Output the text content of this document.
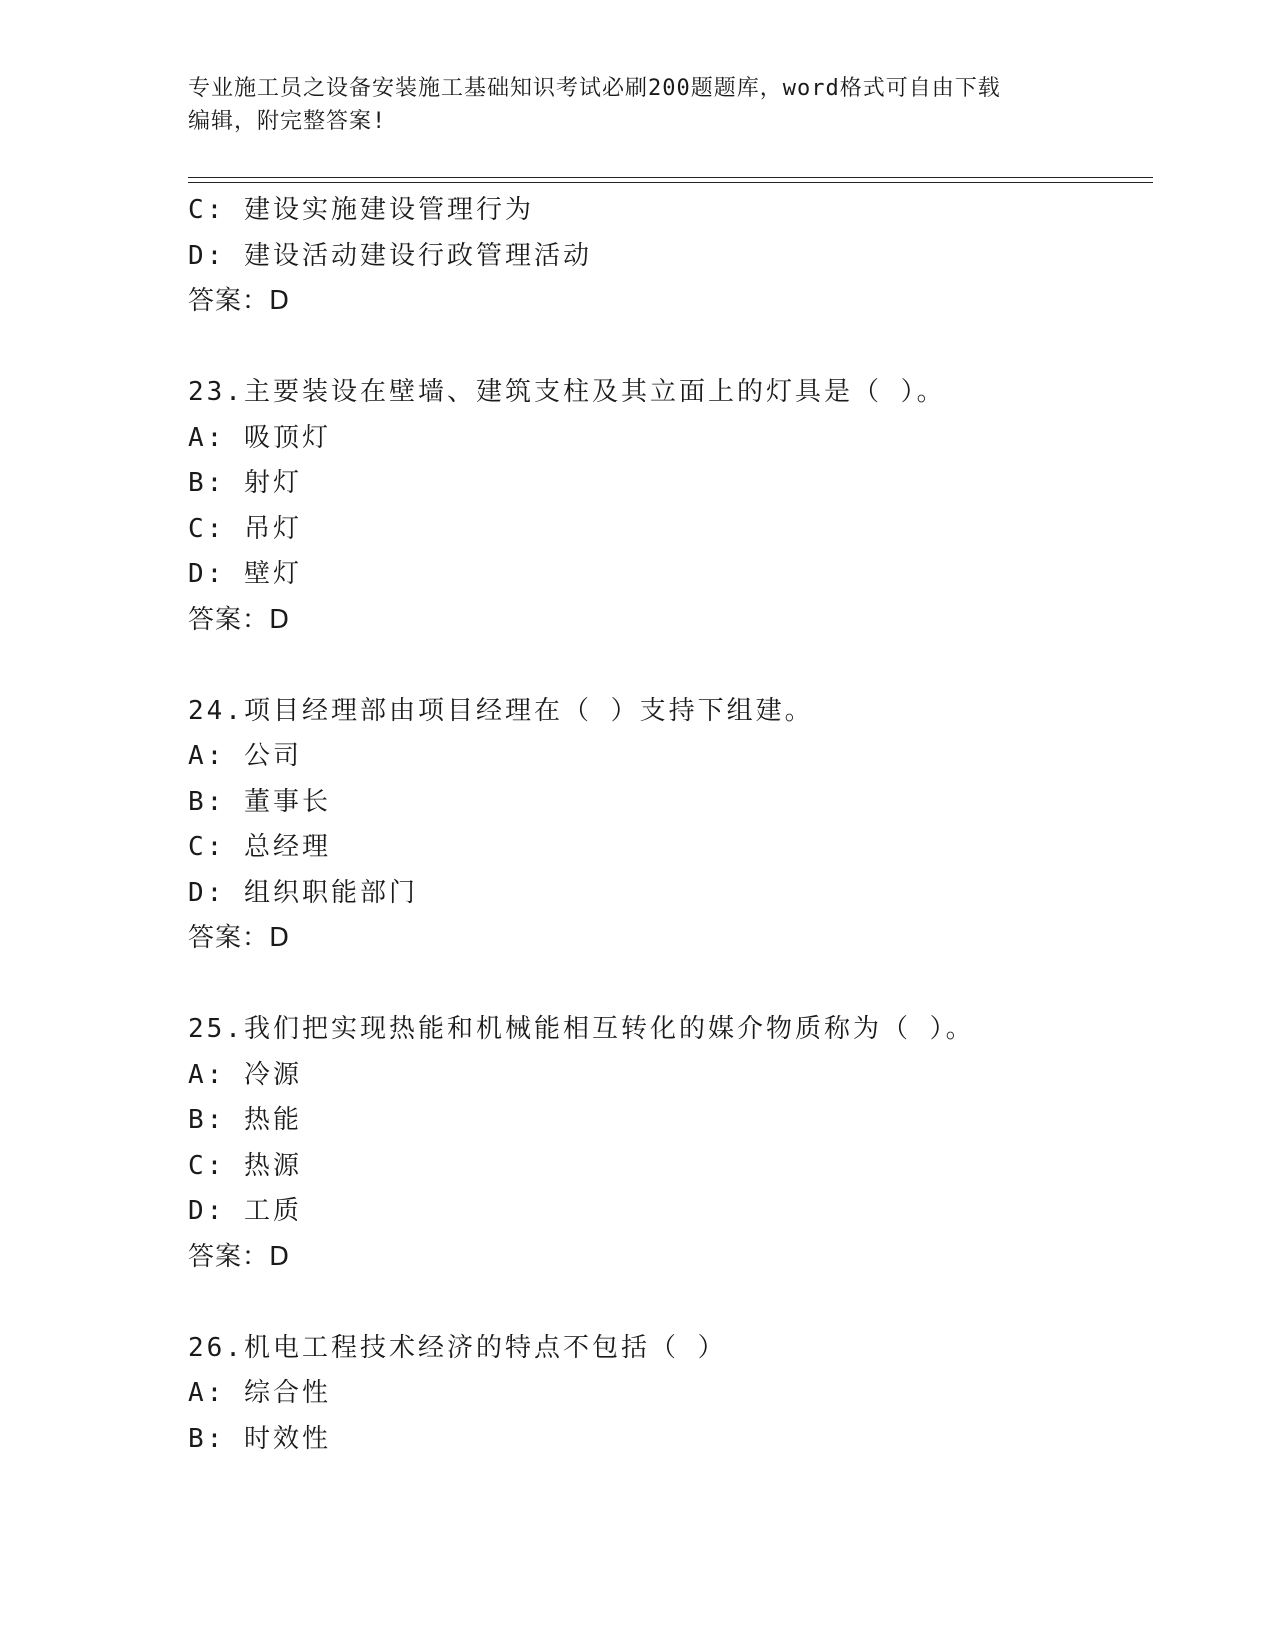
专业施工员之设备安装施工基础知识考试必刷200题题库，word格式可自由下载
编辑，附完整答案!
C: 建设实施建设管理行为
D: 建设活动建设行政管理活动
答案：D
23.主要装设在壁墙、建筑支柱及其立面上的灯具是（ ）。
A: 吸顶灯
B: 射灯
C: 吊灯
D: 壁灯
答案：D
24.项目经理部由项目经理在（ ）支持下组建。
A: 公司
B: 董事长
C: 总经理
D: 组织职能部门
答案：D
25.我们把实现热能和机械能相互转化的媒介物质称为（ ）。
A: 冷源
B: 热能
C: 热源
D: 工质
答案：D
26.机电工程技术经济的特点不包括（ ）
A: 综合性
B: 时效性
